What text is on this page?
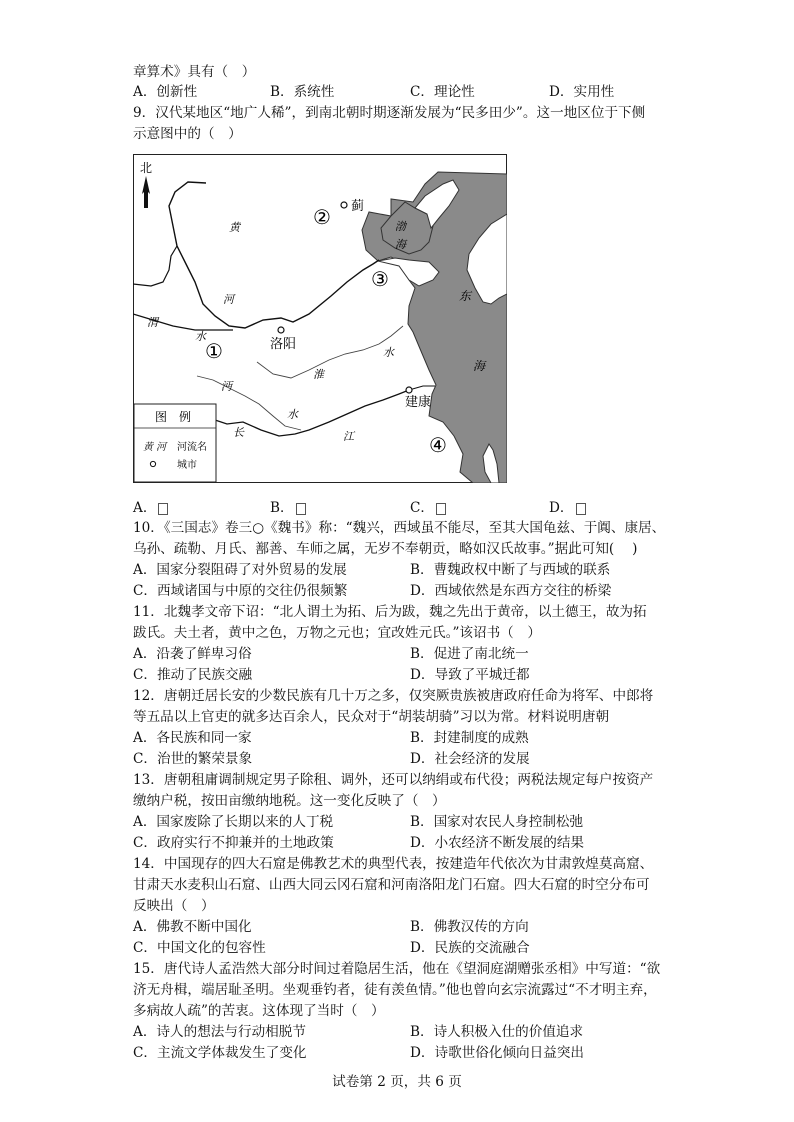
章算术》具有（　）
A．创新性	B．系统性	C．理论性	D．实用性
9．汉代某地区“地广人稀”，到南北朝时期逐渐发展为“民多田少”。这一地区位于下侧
示意图中的（　）
北
蓟
洛阳
建康
①
②
③
④
黄
河
渭
水
淮
水
沔
水
长	江
渤
海
东
海
图　例
黄 河 河流名
城市
A．	B．	C．	D．
10．《三国志》卷三○《魏书》称：“魏兴，西域虽不能尽，至其大国龟兹、于阗、康居、
乌孙、疏勒、月氏、鄯善、车师之属，无岁不奉朝贡，略如汉氏故事。”据此可知(　 )
A．国家分裂阻碍了对外贸易的发展	B．曹魏政权中断了与西域的联系
C．西域诸国与中原的交往仍很频繁	D．西域依然是东西方交往的桥梁
11．北魏孝文帝下诏：“北人谓土为拓、后为跋，魏之先出于黄帝，以土德王，故为拓
跋氏。夫土者，黄中之色，万物之元也；宜改姓元氏。”该诏书（　）
A．沿袭了鲜卑习俗	B．促进了南北统一
C．推动了民族交融	D．导致了平城迁都
12．唐朝迁居长安的少数民族有几十万之多，仅突厥贵族被唐政府任命为将军、中郎将
等五品以上官吏的就多达百余人，民众对于“胡装胡骑”习以为常。材料说明唐朝
A．各民族和同一家	B．封建制度的成熟
C．治世的繁荣景象	D．社会经济的发展
13．唐朝租庸调制规定男子除租、调外，还可以纳绢或布代役；两税法规定每户按资产
缴纳户税，按田亩缴纳地税。这一变化反映了（　）
A．国家废除了长期以来的人丁税	B．国家对农民人身控制松弛
C．政府实行不抑兼并的土地政策	D．小农经济不断发展的结果
14．中国现存的四大石窟是佛教艺术的典型代表，按建造年代依次为甘肃敦煌莫高窟、
甘肃天水麦积山石窟、山西大同云冈石窟和河南洛阳龙门石窟。四大石窟的时空分布可
反映出（　）
A．佛教不断中国化	B．佛教汉传的方向
C．中国文化的包容性	D．民族的交流融合
15．唐代诗人孟浩然大部分时间过着隐居生活，他在《望洞庭湖赠张丞相》中写道：“欲
济无舟楫，端居耻圣明。坐观垂钓者，徒有羡鱼情。”他也曾向玄宗流露过“不才明主弃，
多病故人疏”的苦衷。这体现了当时（　）
A．诗人的想法与行动相脱节	B．诗人积极入仕的价值追求
C．主流文学体裁发生了变化	D．诗歌世俗化倾向日益突出
试卷第 2 页，共 6 页
